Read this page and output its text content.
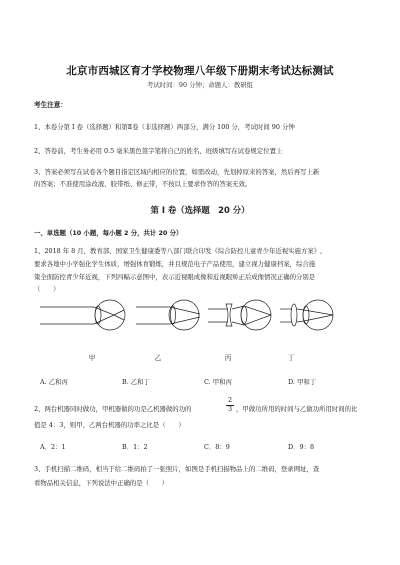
北京市西城区育才学校物理八年级下册期末考试达标测试
考试时间：90 分钟；命题人：教研组
考生注意：
1、本卷分第 I 卷（选择题）和第Ⅱ卷（非选择题）两部分，满分 100 分，考试时间 90 分钟
2、答卷前，考生务必用 0.5 毫米黑色签字笔将自己的姓名、班级填写在试卷规定位置上
3、答案必须写在试卷各个题目指定区域内相应的位置，如需改动，先划掉原来的答案，然后再写上新
的答案；不准使用涂改液、胶带纸、修正带，不按以上要求作答的答案无效。
第 I 卷（选择题　20 分）
一、单选题（10 小题，每小题 2 分，共计 20 分）
1、2018 年 8 月，教育部、国家卫生健康委等八部门联合印发《综合防控儿童青少年近视实施方案》,
要求各地中小学强化学生体质，增强体育锻炼，并且规范电子产品使用，建立视力健康档案，综合施
策全面防控青少年近视，下列四幅示意图中，表示近视眼成像和近视眼矫正后成像情况正确的分别是
（　　）
甲	乙	丙	丁
A. 乙和丙	B. 乙和丁	C. 甲和丙	D. 甲和丁
2、两台机器同时做功，甲机器做的功是乙机器做的功的
2
3 ，甲做功所用的时间与乙做功所用时间的比
值是 4：3，则甲、乙两台机器的功率之比是（　　）
A．2：1	B．1：2	C．8：9	D．9：8
3、手机扫描二维码，相当于给二维码拍了一张照片，如图是手机扫描物品上的二维码，登录网址，查
看物品相关信息，下列说法中正确的是（　　）
